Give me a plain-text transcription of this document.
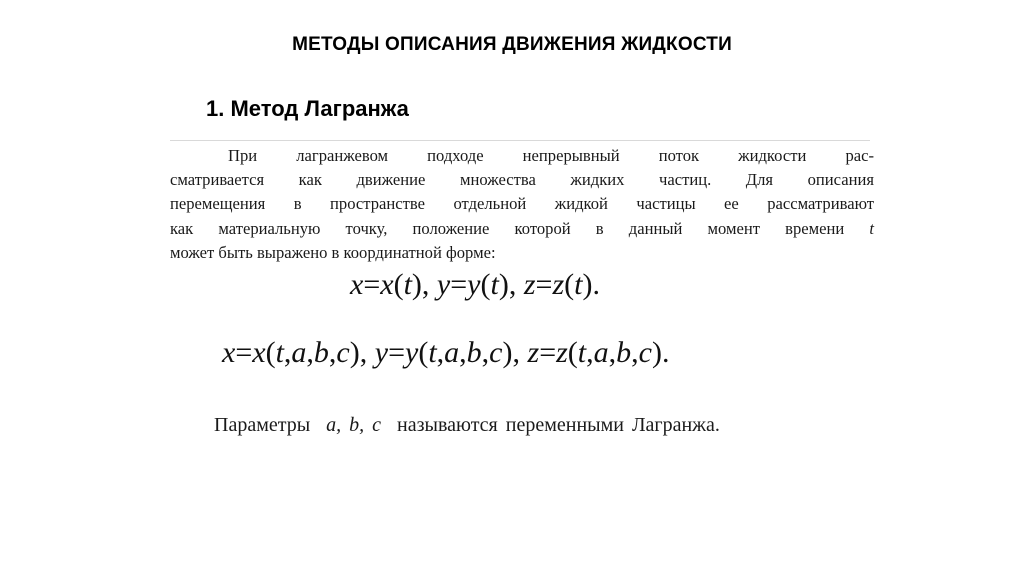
МЕТОДЫ ОПИСАНИЯ ДВИЖЕНИЯ ЖИДКОСТИ
1. Метод Лагранжа
При лагранжевом подходе непрерывный поток жидкости рас-
сматривается как движение множества жидких частиц. Для описания
перемещения в пространстве отдельной жидкой частицы ее рассматривают
как материальную точку, положение которой в данный момент времени t
может быть выражено в координатной форме:
x=x(t), y=y(t), z=z(t).
x=x(t,a,b,c), y=y(t,a,b,c), z=z(t,a,b,c).
Параметры a, b, c называются переменными Лагранжа.
